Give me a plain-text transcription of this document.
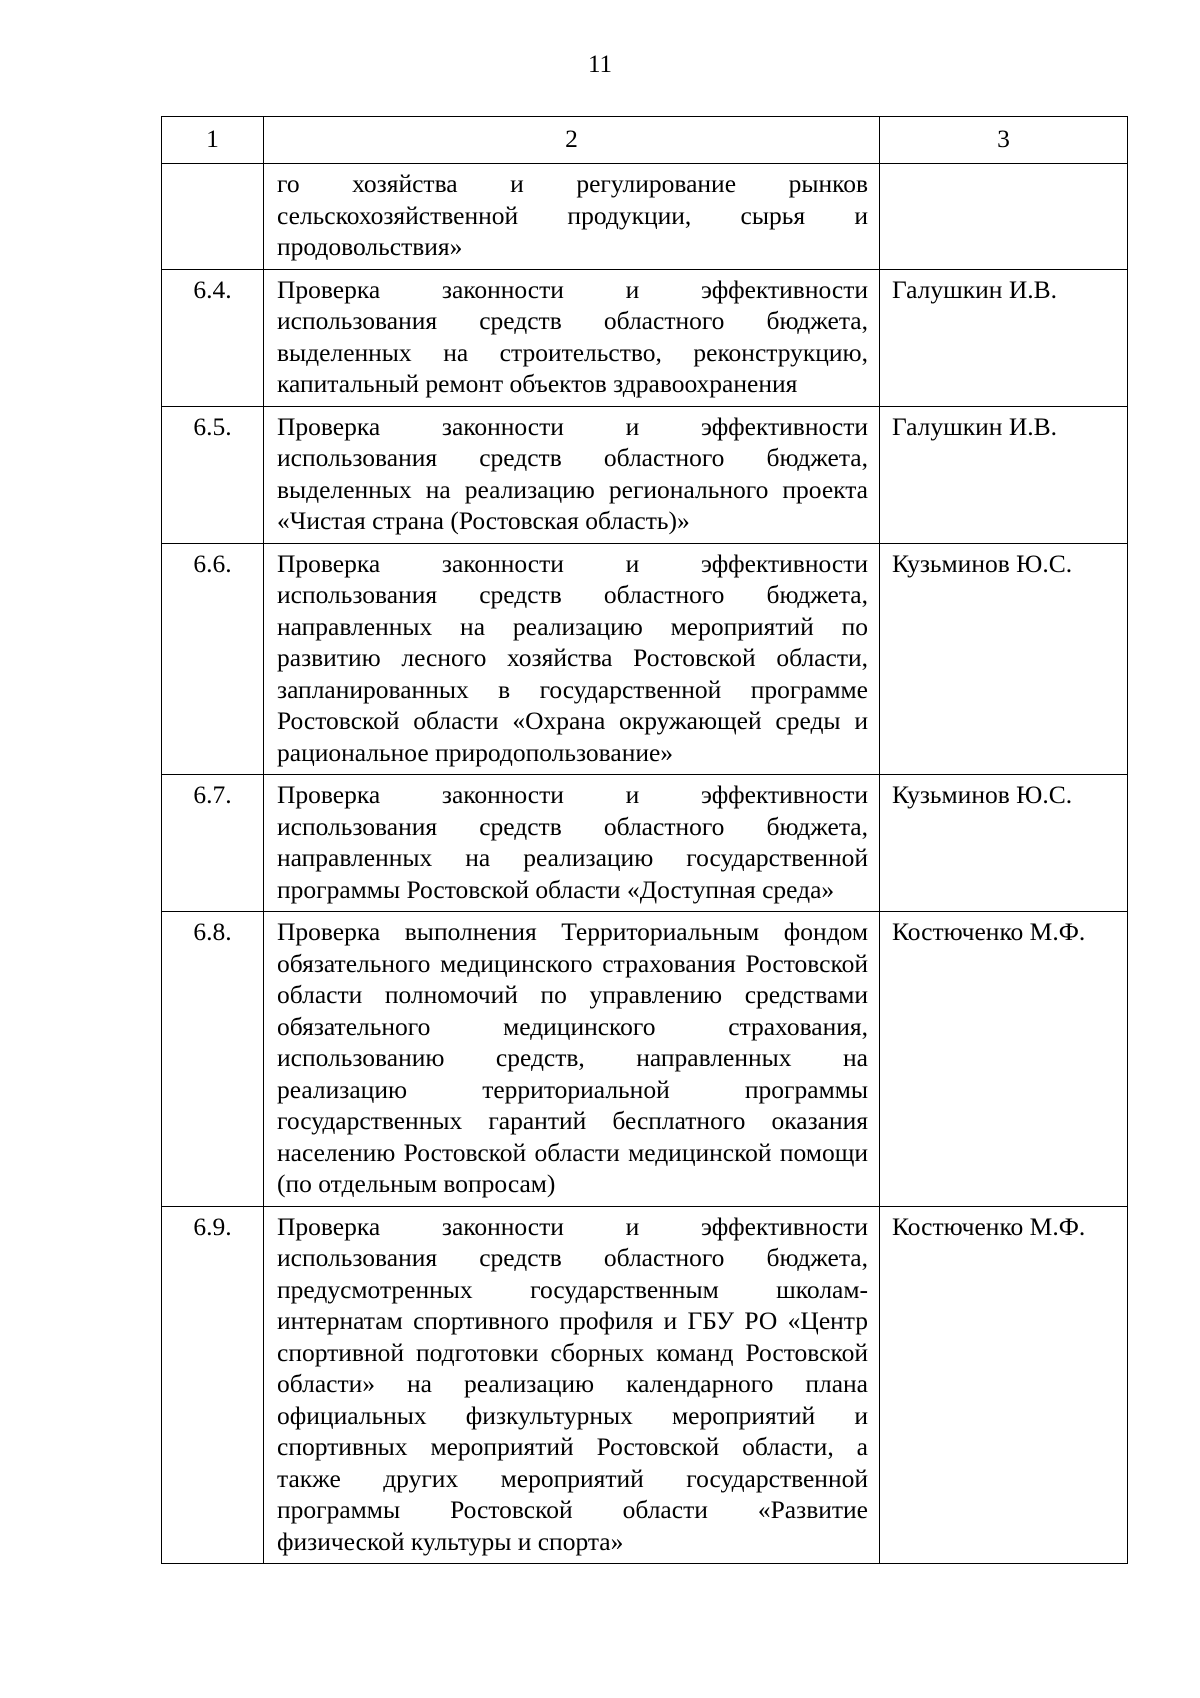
11
1	2	3
	го хозяйства и регулирование рынков сельскохозяйственной продукции, сырья и продовольствия»	
6.4.	Проверка законности и эффективности использования средств областного бюджета, выделенных на строительство, реконструкцию, капитальный ремонт объектов здравоохранения	Галушкин И.В.
6.5.	Проверка законности и эффективности использования средств областного бюджета, выделенных на реализацию регионального проекта «Чистая страна (Ростовская область)»	Галушкин И.В.
6.6.	Проверка законности и эффективности использования средств областного бюджета, направленных на реализацию мероприятий по развитию лесного хозяйства Ростовской области, запланированных в государственной программе Ростовской области «Охрана окружающей среды и рациональное природопользование»	Кузьминов Ю.С.
6.7.	Проверка законности и эффективности использования средств областного бюджета, направленных на реализацию государственной программы Ростовской области «Доступная среда»	Кузьминов Ю.С.
6.8.	Проверка выполнения Территориальным фондом обязательного медицинского страхования Ростовской области полномочий по управлению средствами обязательного медицинского страхования, использованию средств, направленных на реализацию территориальной программы государственных гарантий бесплатного оказания населению Ростовской области медицинской помощи (по отдельным вопросам)	Костюченко М.Ф.
6.9.	Проверка законности и эффективности использования средств областного бюджета, предусмотренных государственным школам-интернатам спортивного профиля и ГБУ РО «Центр спортивной подготовки сборных команд Ростовской области» на реализацию календарного плана официальных физкультурных мероприятий и спортивных мероприятий Ростовской области, а также других мероприятий государственной программы Ростовской области «Развитие физической культуры и спорта»	Костюченко М.Ф.
